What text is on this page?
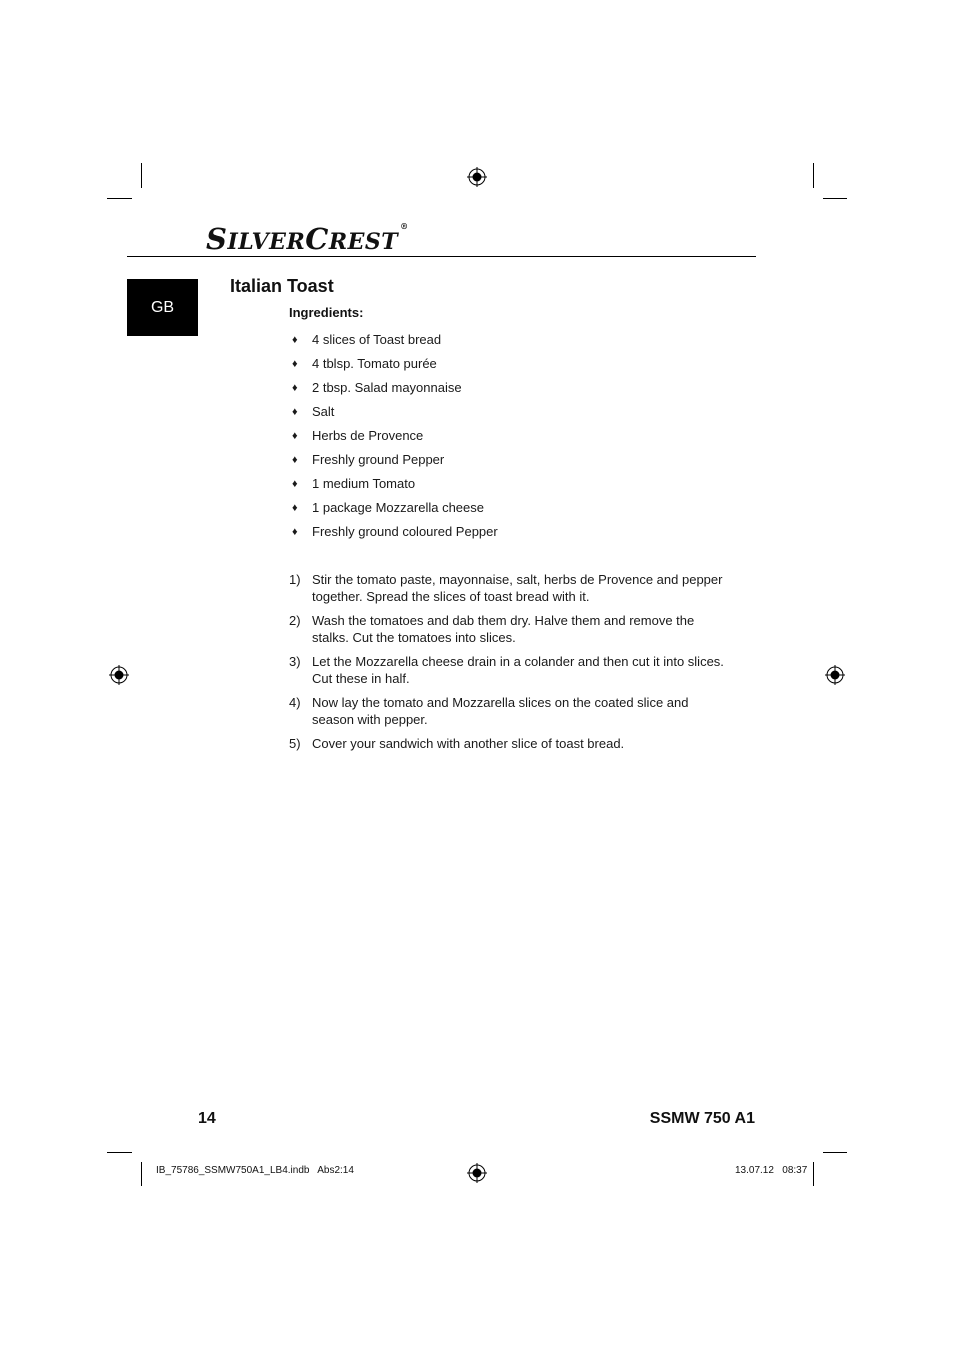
SILVERCREST®
GB
Italian Toast
Ingredients:
♦	4 slices of Toast bread
♦	4 tblsp. Tomato purée
♦	2 tbsp. Salad mayonnaise
♦	Salt
♦	Herbs de Provence
♦	Freshly ground Pepper
♦	1 medium Tomato
♦	1 package Mozzarella cheese
♦	Freshly ground coloured Pepper
1) Stir the tomato paste, mayonnaise, salt, herbs de Provence and pepper together. Spread the slices of toast bread with it.
2) Wash the tomatoes and dab them dry. Halve them and remove the stalks. Cut the tomatoes into slices.
3) Let the Mozzarella cheese drain in a colander and then cut it into slices. Cut these in half.
4) Now lay the tomato and Mozzarella slices on the coated slice and season with pepper.
5) Cover your sandwich with another slice of toast bread.
14	SSMW 750 A1
IB_75786_SSMW750A1_LB4.indb   Abs2:14	13.07.12   08:37
